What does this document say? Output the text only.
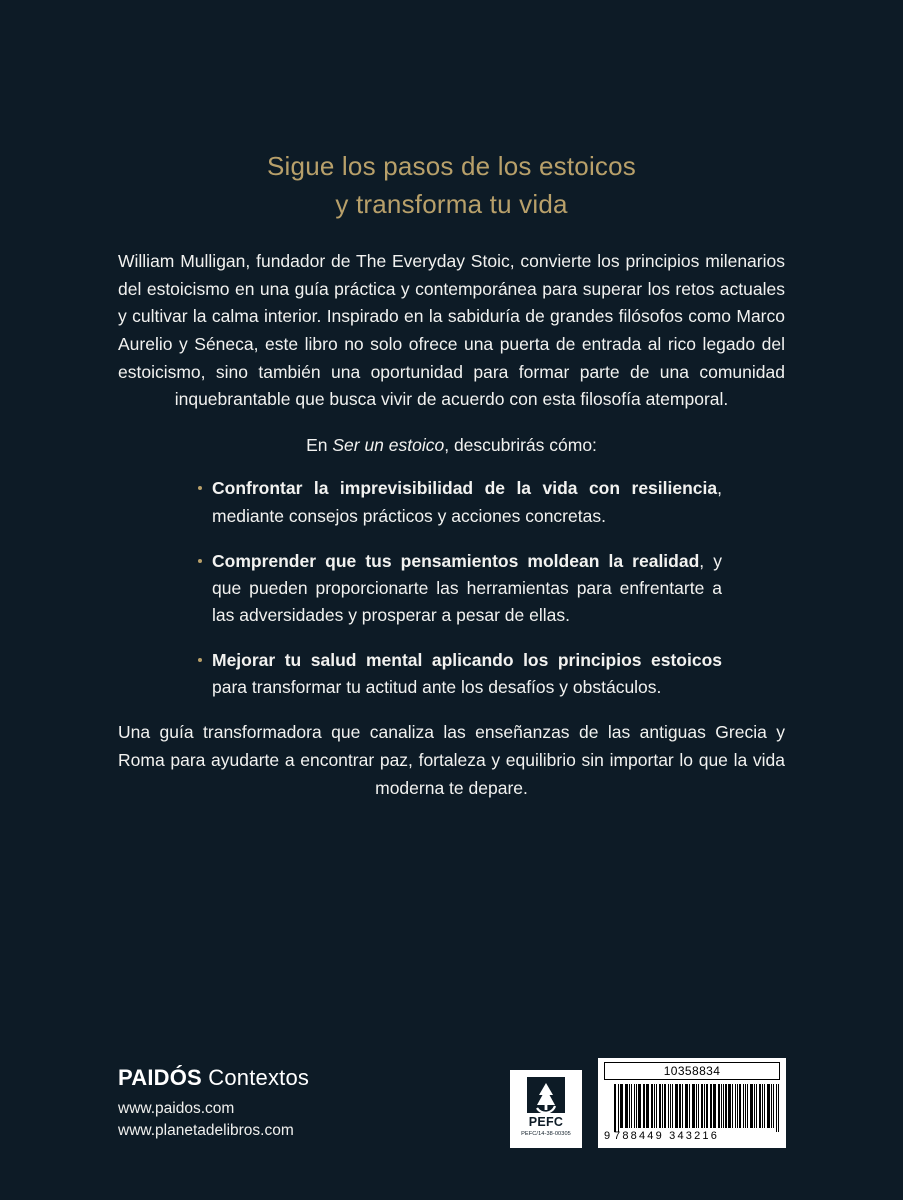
Sigue los pasos de los estoicos
y transforma tu vida

William Mulligan, fundador de The Everyday Stoic, convierte los principios milenarios del estoicismo en una guía práctica y contemporánea para superar los retos actuales y cultivar la calma interior. Inspirado en la sabiduría de grandes filósofos como Marco Aurelio y Séneca, este libro no solo ofrece una puerta de entrada al rico legado del estoicismo, sino también una oportunidad para formar parte de una comunidad inquebrantable que busca vivir de acuerdo con esta filosofía atemporal.

En Ser un estoico, descubrirás cómo:

Confrontar la imprevisibilidad de la vida con resiliencia, mediante consejos prácticos y acciones concretas.
Comprender que tus pensamientos moldean la realidad, y que pueden proporcionarte las herramientas para enfrentarte a las adversidades y prosperar a pesar de ellas.
Mejorar tu salud mental aplicando los principios estoicos para transformar tu actitud ante los desafíos y obstáculos.

Una guía transformadora que canaliza las enseñanzas de las antiguas Grecia y Roma para ayudarte a encontrar paz, fortaleza y equilibrio sin importar lo que la vida moderna te depare.

PAIDÓS Contextos
www.paidos.com
www.planetadelibros.com	PEFC
PEFC/14-38-00305
10358834
9 788449 343216
